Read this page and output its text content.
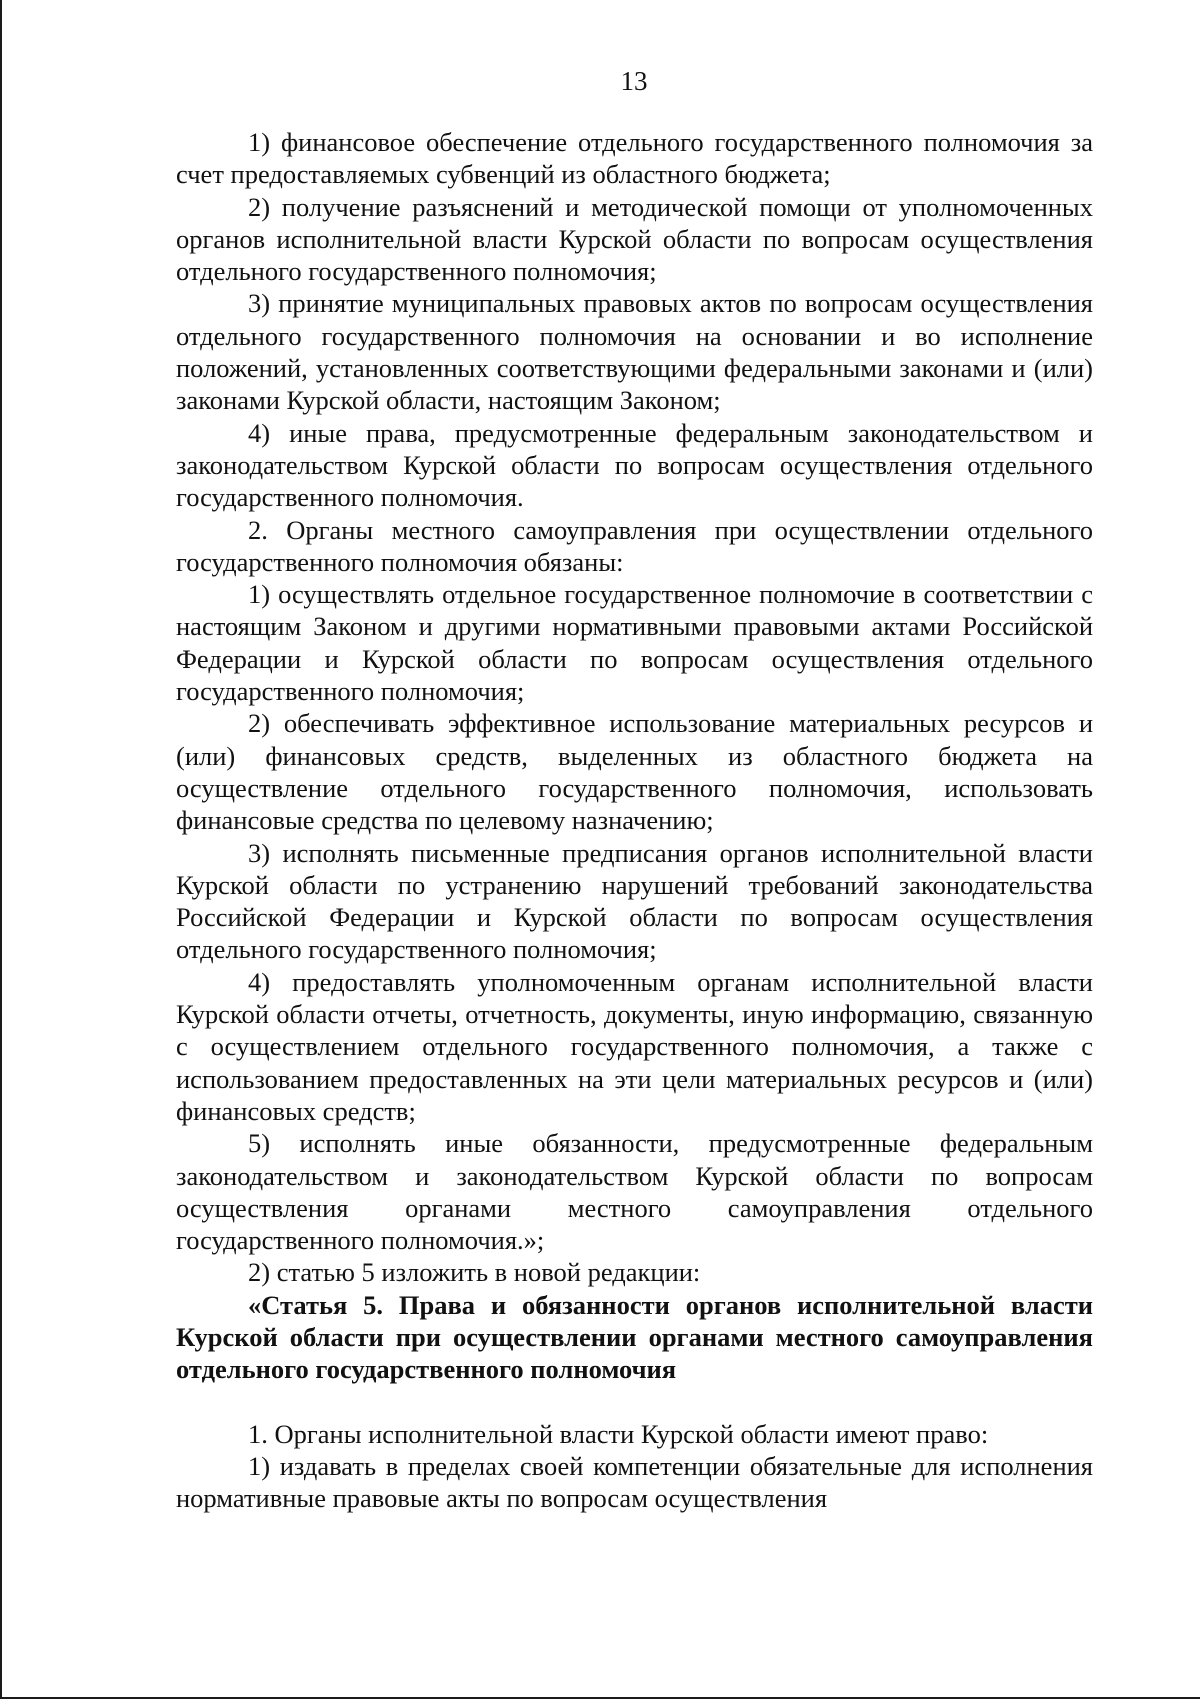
13

1) финансовое обеспечение отдельного государственного полномочия за счет предоставляемых субвенций из областного бюджета;

2) получение разъяснений и методической помощи от уполномоченных органов исполнительной власти Курской области по вопросам осуществления отдельного государственного полномочия;

3) принятие муниципальных правовых актов по вопросам осуществления отдельного государственного полномочия на основании и во исполнение положений, установленных соответствующими федеральными законами и (или) законами Курской области, настоящим Законом;

4) иные права, предусмотренные федеральным законодательством и законодательством Курской области по вопросам осуществления отдельного государственного полномочия.

2. Органы местного самоуправления при осуществлении отдельного государственного полномочия обязаны:

1) осуществлять отдельное государственное полномочие в соответствии с настоящим Законом и другими нормативными правовыми актами Российской Федерации и Курской области по вопросам осуществления отдельного государственного полномочия;

2) обеспечивать эффективное использование материальных ресурсов и (или) финансовых средств, выделенных из областного бюджета на осуществление отдельного государственного полномочия, использовать финансовые средства по целевому назначению;

3) исполнять письменные предписания органов исполнительной власти Курской области по устранению нарушений требований законодательства Российской Федерации и Курской области по вопросам осуществления отдельного государственного полномочия;

4) предоставлять уполномоченным органам исполнительной власти Курской области отчеты, отчетность, документы, иную информацию, связанную с осуществлением отдельного государственного полномочия, а также с использованием предоставленных на эти цели материальных ресурсов и (или) финансовых средств;

5) исполнять иные обязанности, предусмотренные федеральным законодательством и законодательством Курской области по вопросам осуществления органами местного самоуправления отдельного государственного полномочия.»;

2) статью 5 изложить в новой редакции:

«Статья 5. Права и обязанности органов исполнительной власти Курской области при осуществлении органами местного самоуправления отдельного государственного полномочия

1. Органы исполнительной власти Курской области имеют право:

1) издавать в пределах своей компетенции обязательные для исполнения нормативные правовые акты по вопросам осуществления
